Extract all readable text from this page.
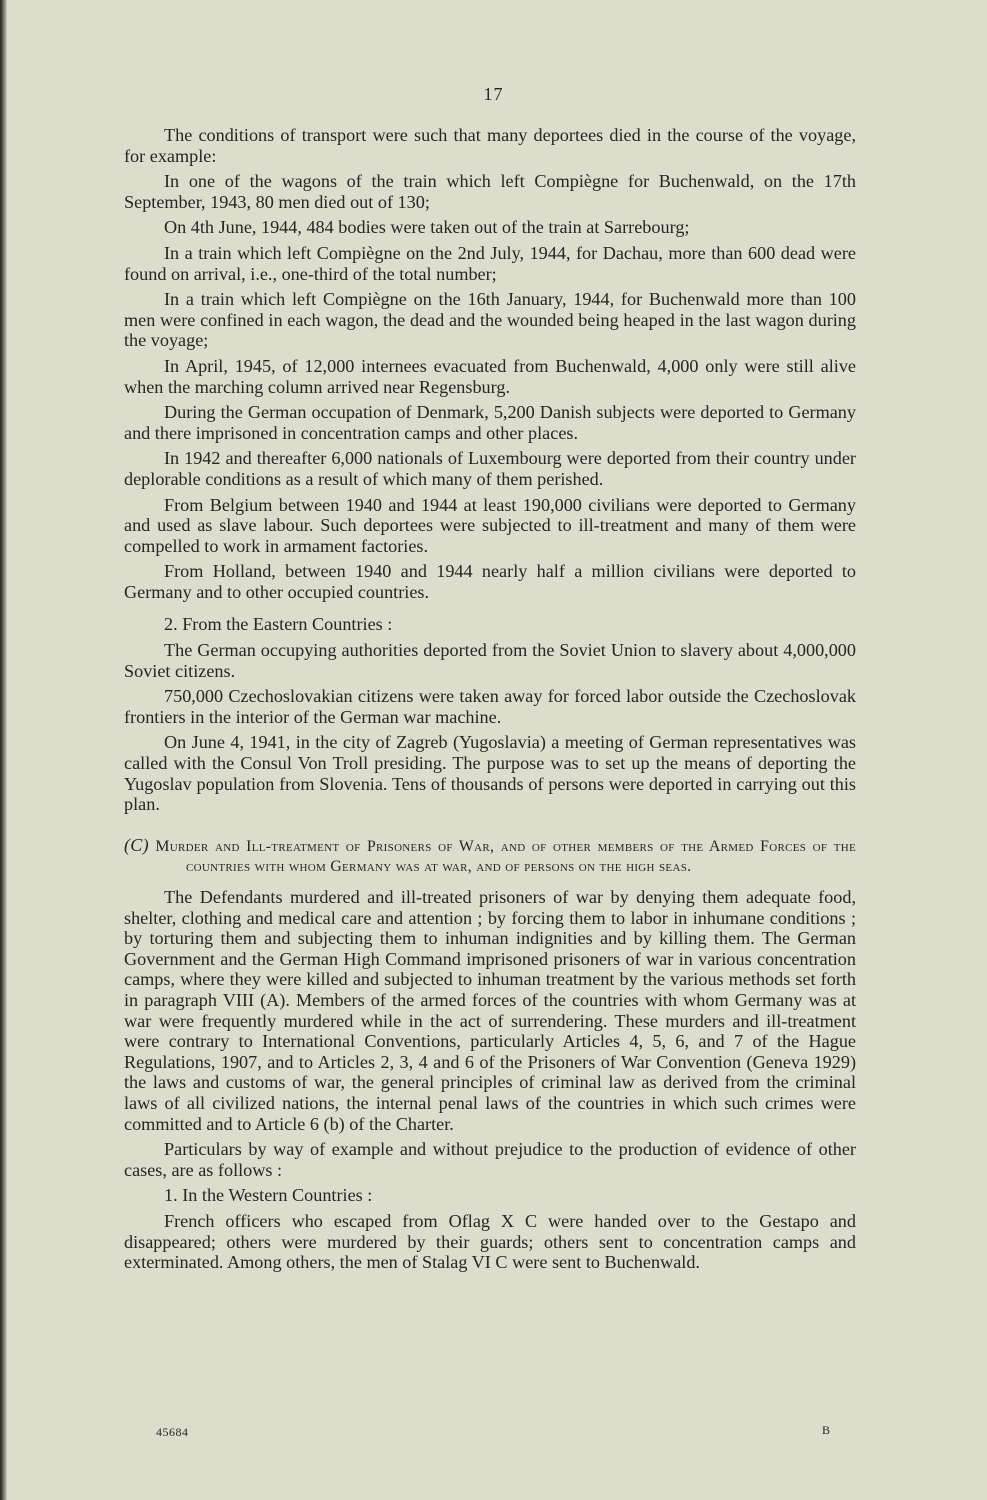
17

The conditions of transport were such that many deportees died in the course of the voyage, for example:

In one of the wagons of the train which left Compiègne for Buchenwald, on the 17th September, 1943, 80 men died out of 130;

On 4th June, 1944, 484 bodies were taken out of the train at Sarrebourg;

In a train which left Compiègne on the 2nd July, 1944, for Dachau, more than 600 dead were found on arrival, i.e., one-third of the total number;

In a train which left Compiègne on the 16th January, 1944, for Buchenwald more than 100 men were confined in each wagon, the dead and the wounded being heaped in the last wagon during the voyage;

In April, 1945, of 12,000 internees evacuated from Buchenwald, 4,000 only were still alive when the marching column arrived near Regensburg.

During the German occupation of Denmark, 5,200 Danish subjects were deported to Germany and there imprisoned in concentration camps and other places.

In 1942 and thereafter 6,000 nationals of Luxembourg were deported from their country under deplorable conditions as a result of which many of them perished.

From Belgium between 1940 and 1944 at least 190,000 civilians were deported to Germany and used as slave labour. Such deportees were subjected to ill-treatment and many of them were compelled to work in armament factories.

From Holland, between 1940 and 1944 nearly half a million civilians were deported to Germany and to other occupied countries.

2. From the Eastern Countries :

The German occupying authorities deported from the Soviet Union to slavery about 4,000,000 Soviet citizens.

750,000 Czechoslovakian citizens were taken away for forced labor outside the Czechoslovak frontiers in the interior of the German war machine.

On June 4, 1941, in the city of Zagreb (Yugoslavia) a meeting of German representatives was called with the Consul Von Troll presiding. The purpose was to set up the means of deporting the Yugoslav population from Slovenia. Tens of thousands of persons were deported in carrying out this plan.

(C) Murder and Ill-treatment of Prisoners of War, and of other members of the Armed Forces of the countries with whom Germany was at war, and of persons on the high seas.

The Defendants murdered and ill-treated prisoners of war by denying them adequate food, shelter, clothing and medical care and attention ; by forcing them to labor in inhumane conditions ; by torturing them and subjecting them to inhuman indignities and by killing them. The German Government and the German High Command imprisoned prisoners of war in various concentration camps, where they were killed and subjected to inhuman treatment by the various methods set forth in paragraph VIII (A). Members of the armed forces of the countries with whom Germany was at war were frequently murdered while in the act of surrendering. These murders and ill-treatment were contrary to International Conventions, particularly Articles 4, 5, 6, and 7 of the Hague Regulations, 1907, and to Articles 2, 3, 4 and 6 of the Prisoners of War Convention (Geneva 1929) the laws and customs of war, the general principles of criminal law as derived from the criminal laws of all civilized nations, the internal penal laws of the countries in which such crimes were committed and to Article 6 (b) of the Charter.

Particulars by way of example and without prejudice to the production of evidence of other cases, are as follows :

1. In the Western Countries :

French officers who escaped from Oflag X C were handed over to the Gestapo and disappeared; others were murdered by their guards; others sent to concentration camps and exterminated. Among others, the men of Stalag VI C were sent to Buchenwald.

45684	B
